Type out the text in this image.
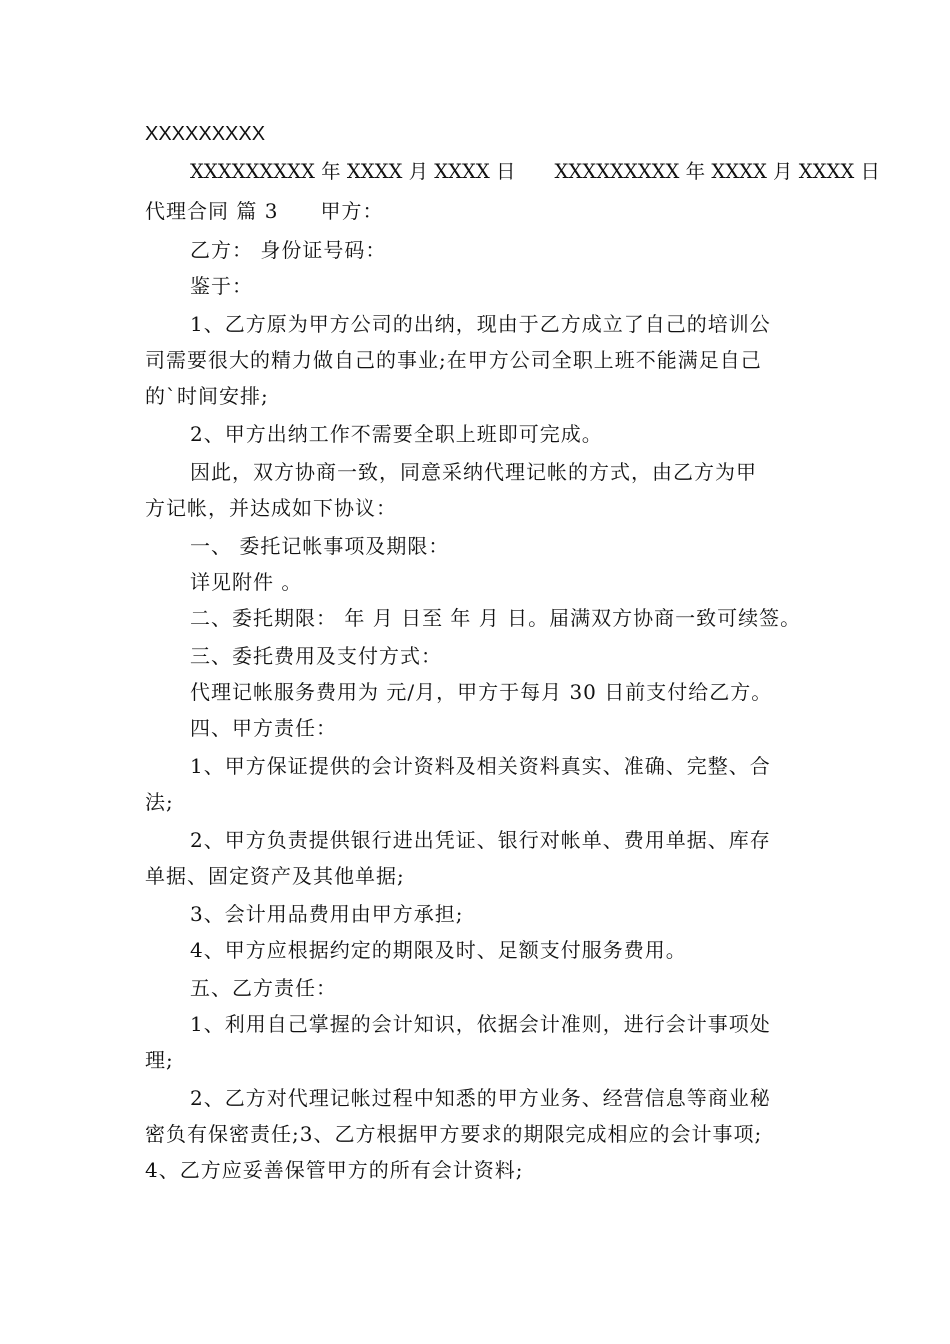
XXXXXXXXX
XXXXXXXXX 年 XXXX 月 XXXX 日　　XXXXXXXXX 年 XXXX 月 XXXX 日
代理合同 篇 3　　甲方：
乙方： 身份证号码：
鉴于：
1、乙方原为甲方公司的出纳，现由于乙方成立了自己的培训公
司需要很大的精力做自己的事业;在甲方公司全职上班不能满足自己
的`时间安排;
2、甲方出纳工作不需要全职上班即可完成。
因此，双方协商一致，同意采纳代理记帐的方式，由乙方为甲
方记帐，并达成如下协议：
一、 委托记帐事项及期限：
详见附件 。
二、委托期限： 年 月 日至 年 月 日。届满双方协商一致可续签。
三、委托费用及支付方式：
代理记帐服务费用为 元/月，甲方于每月 30 日前支付给乙方。
四、甲方责任：
1、甲方保证提供的会计资料及相关资料真实、准确、完整、合
法;
2、甲方负责提供银行进出凭证、银行对帐单、费用单据、库存
单据、固定资产及其他单据;
3、会计用品费用由甲方承担;
4、甲方应根据约定的期限及时、足额支付服务费用。
五、乙方责任：
1、利用自己掌握的会计知识，依据会计准则，进行会计事项处
理;
2、乙方对代理记帐过程中知悉的甲方业务、经营信息等商业秘
密负有保密责任;3、乙方根据甲方要求的期限完成相应的会计事项;
4、乙方应妥善保管甲方的所有会计资料;
